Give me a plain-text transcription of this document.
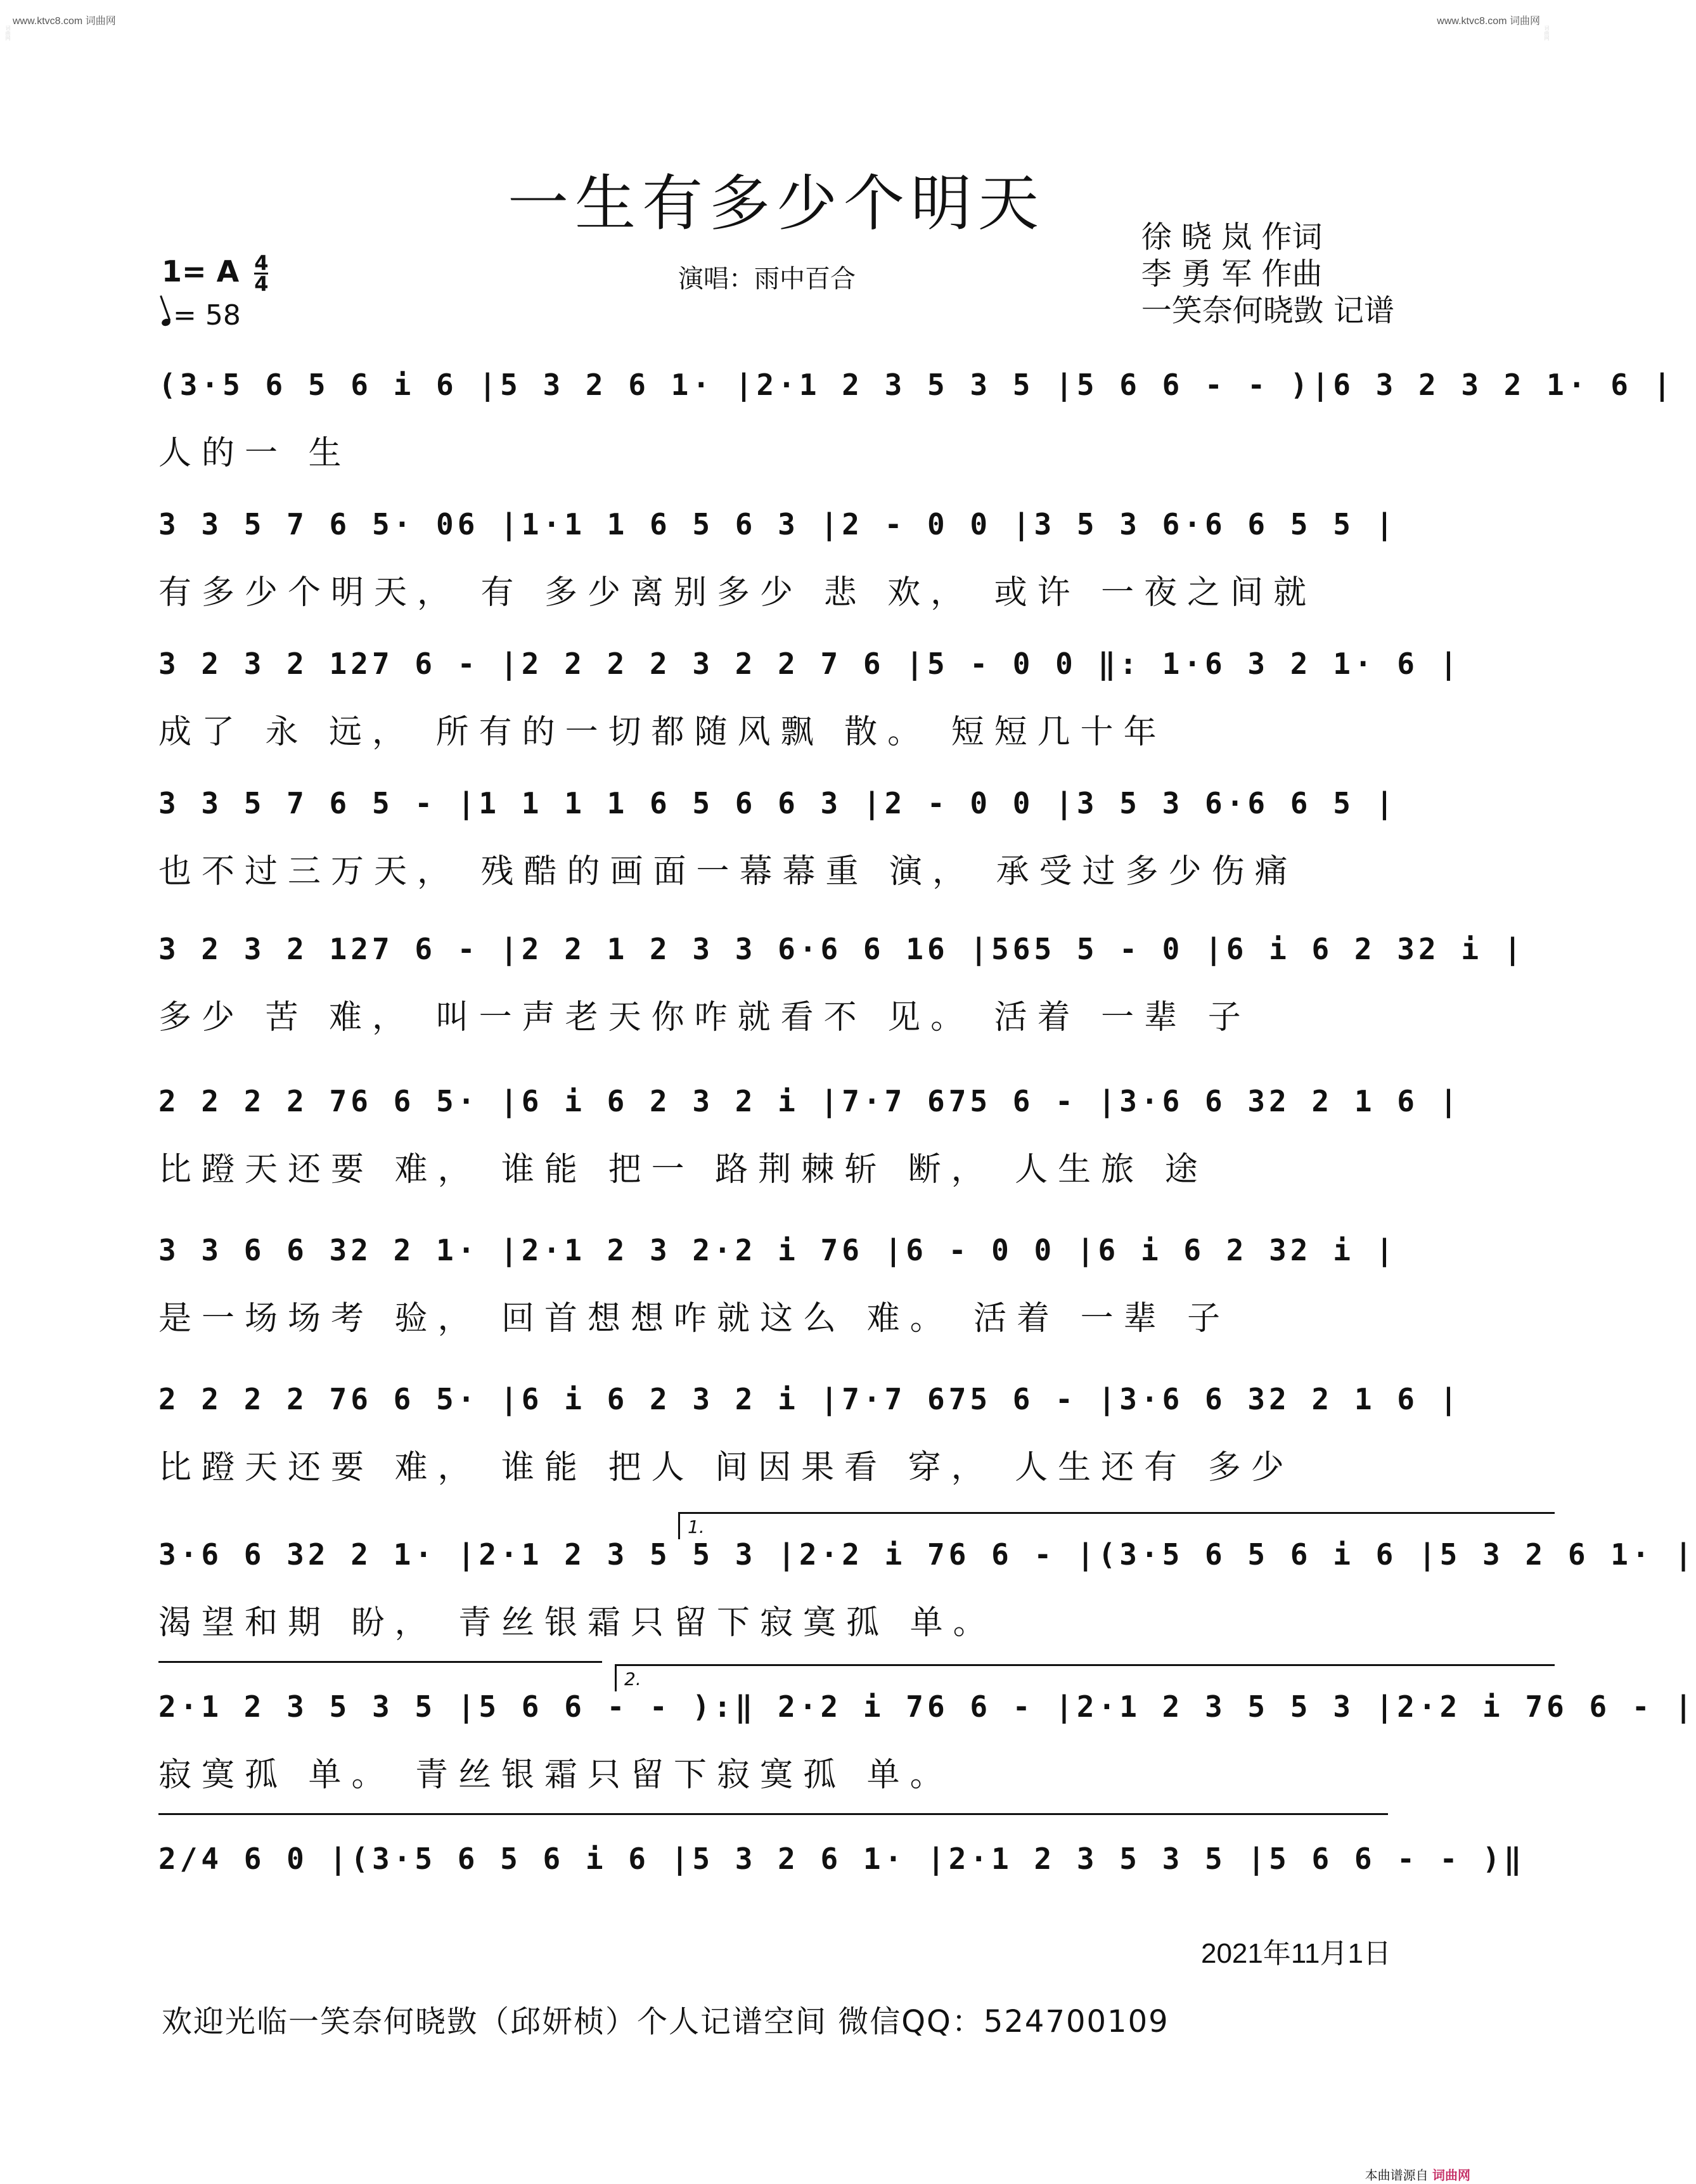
www.ktvc8.com 词曲网	www.ktvc8.com 词曲网
词曲网	词曲网
一生有多少个明天	徐 晓 岚 作词
李 勇 军 作曲
一笑奈何晓敳 记谱
1= A $\frac{4}{4}$
= 58
演唱：雨中百合
(3·5 6 5 6 i 6 |5 3 2 6 1· |2·1 2 3 5 3 5 |5 6 6 - - )|6 3 2 3 2 1· 6 |
人的一 生
3 3 5 7 6 5· 06 |1·1 1 6 5 6 3 |2 - 0 0 |3 5 3 6·6 6 5 5 |
有多少个明天， 有 多少离别多少 悲 欢， 或许 一夜之间就
3 2 3 2 127 6 - |2 2 2 2 3 2 2 7 6 |5 - 0 0 ‖: 1·6 3 2 1· 6 |
成了 永 远， 所有的一切都随风飘 散。 短短几十年
3 3 5 7 6 5 - |1 1 1 1 6 5 6 6 3 |2 - 0 0 |3 5 3 6·6 6 5 |
也不过三万天， 残酷的画面一幕幕重 演， 承受过多少伤痛
3 2 3 2 127 6 - |2 2 1 2 3 3 6·6 6 16 |565 5 - 0 |6 i 6 2 32 i |
多少 苦 难， 叫一声老天你咋就看不 见。 活着 一辈 子
2 2 2 2 76 6 5· |6 i 6 2 3 2 i |7·7 675 6 - |3·6 6 32 2 1 6 |
比蹬天还要 难， 谁能 把一 路荆棘斩 断， 人生旅 途
3 3 6 6 32 2 1· |2·1 2 3 2·2 i 76 |6 - 0 0 |6 i 6 2 32 i |
是一场场考 验， 回首想想咋就这么 难。 活着 一辈 子
2 2 2 2 76 6 5· |6 i 6 2 3 2 i |7·7 675 6 - |3·6 6 32 2 1 6 |
比蹬天还要 难， 谁能 把人 间因果看 穿， 人生还有 多少
1.
3·6 6 32 2 1· |2·1 2 3 5 5 3 |2·2 i 76 6 - |(3·5 6 5 6 i 6 |5 3 2 6 1· |
渴望和期 盼， 青丝银霜只留下寂寞孤 单。
2.
2·1 2 3 5 3 5 |5 6 6 - - ):‖ 2·2 i 76 6 - |2·1 2 3 5 5 3 |2·2 i 76 6 - |
寂寞孤 单。 青丝银霜只留下寂寞孤 单。
2/4 6 0 |(3·5 6 5 6 i 6 |5 3 2 6 1· |2·1 2 3 5 3 5 |5 6 6 - - )‖
2021年11月1日
欢迎光临一笑奈何晓敳（邱妍桢）个人记谱空间 微信QQ：524700109
本曲谱源自 词曲网
